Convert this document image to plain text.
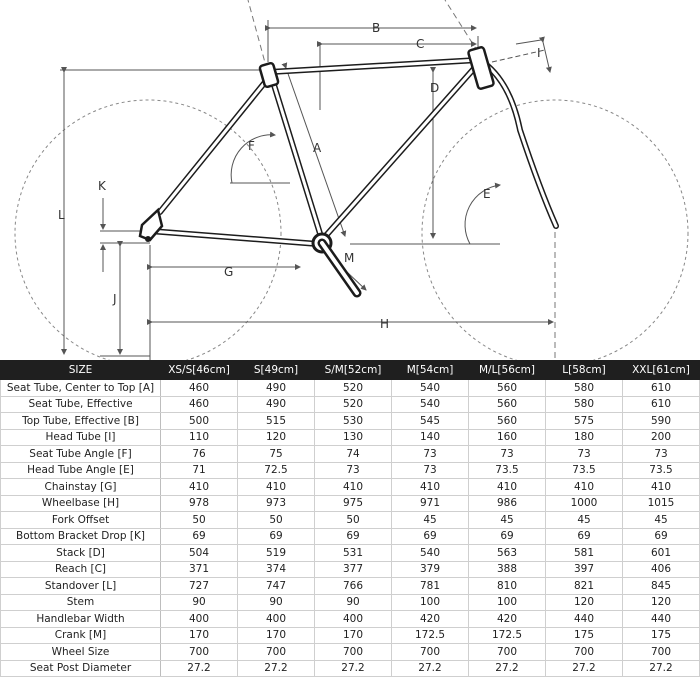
B
C
D
A
E
F
G
H
I
J
K
L
M
SIZE	XS/S[46cm]	S[49cm]	S/M[52cm]	M[54cm]	M/L[56cm]	L[58cm]	XXL[61cm]
Seat Tube, Center to Top [A]	460	490	520	540	560	580	610
Seat Tube, Effective	460	490	520	540	560	580	610
Top Tube, Effective [B]	500	515	530	545	560	575	590
Head Tube [I]	110	120	130	140	160	180	200
Seat Tube Angle [F]	76	75	74	73	73	73	73
Head Tube Angle [E]	71	72.5	73	73	73.5	73.5	73.5
Chainstay [G]	410	410	410	410	410	410	410
Wheelbase [H]	978	973	975	971	986	1000	1015
Fork Offset	50	50	50	45	45	45	45
Bottom Bracket Drop [K]	69	69	69	69	69	69	69
Stack [D]	504	519	531	540	563	581	601
Reach [C]	371	374	377	379	388	397	406
Standover [L]	727	747	766	781	810	821	845
Stem	90	90	90	100	100	120	120
Handlebar Width	400	400	400	420	420	440	440
Crank [M]	170	170	170	172.5	172.5	175	175
Wheel Size	700	700	700	700	700	700	700
Seat Post Diameter	27.2	27.2	27.2	27.2	27.2	27.2	27.2
